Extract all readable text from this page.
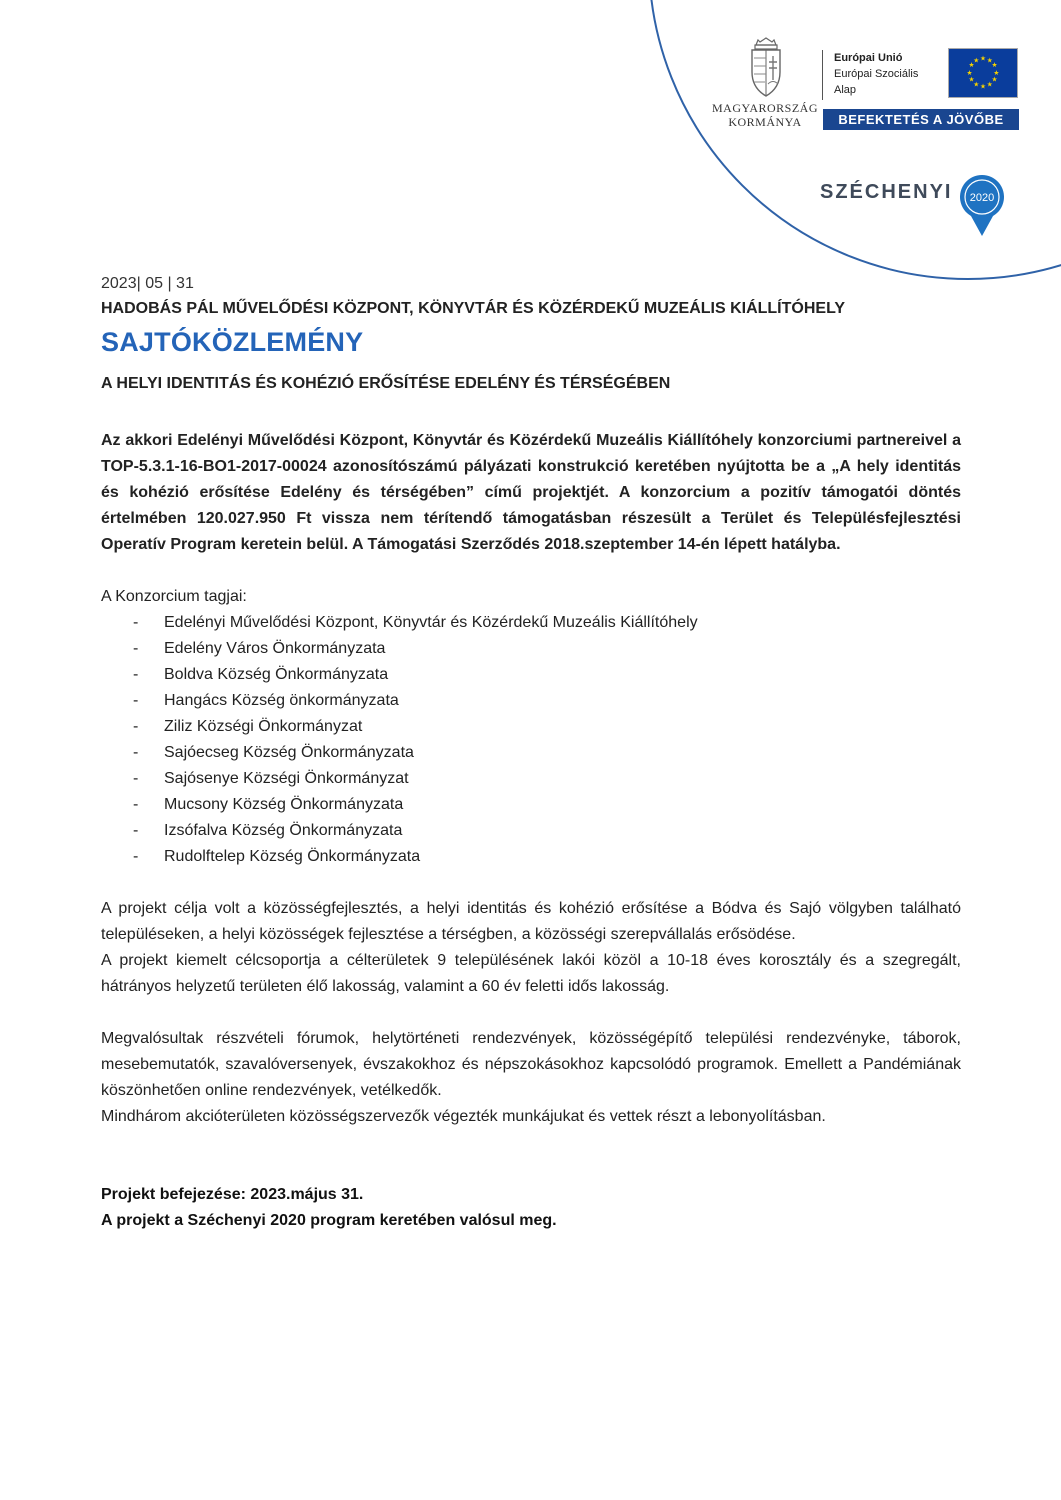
MAGYARORSZÁG
KORMÁNYA
Európai Unió
Európai Szociális
Alap
★ ★
★
★
★
★
★
★
★
★
★
★
BEFEKTETÉS A JÖVŐBE
SZÉCHENYI 2020
2023| 05 | 31
HADOBÁS PÁL MŰVELŐDÉSI KÖZPONT, KÖNYVTÁR ÉS KÖZÉRDEKŰ MUZEÁLIS KIÁLLÍTÓHELY
SAJTÓKÖZLEMÉNY
A HELYI IDENTITÁS ÉS KOHÉZIÓ ERŐSÍTÉSE EDELÉNY ÉS TÉRSÉGÉBEN
Az akkori Edelényi Művelődési Központ, Könyvtár és Közérdekű Muzeális Kiállítóhely konzorciumi partnereivel a TOP-5.3.1-16-BO1-2017-00024 azonosítószámú pályázati konstrukció keretében nyújtotta be a „A hely identitás és kohézió erősítése Edelény és térségében” című projektjét. A konzorcium a pozitív támogatói döntés értelmében 120.027.950 Ft vissza nem térítendő támogatásban részesült a Terület és Településfejlesztési Operatív Program keretein belül. A Támogatási Szerződés 2018.szeptember 14-én lépett hatályba.
A Konzorcium tagjai:
- Edelényi Művelődési Központ, Könyvtár és Közérdekű Muzeális Kiállítóhely
- Edelény Város Önkormányzata
- Boldva Község Önkormányzata
- Hangács Község önkormányzata
- Ziliz Községi Önkormányzat
- Sajóecseg Község Önkormányzata
- Sajósenye Községi Önkormányzat
- Mucsony Község Önkormányzata
- Izsófalva Község Önkormányzata
- Rudolftelep Község Önkormányzata
A projekt célja volt a közösségfejlesztés, a helyi identitás és kohézió erősítése a Bódva és Sajó völgyben található településeken, a helyi közösségek fejlesztése a térségben, a közösségi szerepvállalás erősödése.
A projekt kiemelt célcsoportja a célterületek 9 településének lakói közöl a 10-18 éves korosztály és a szegregált, hátrányos helyzetű területen élő lakosság, valamint a 60 év feletti idős lakosság.
Megvalósultak részvételi fórumok, helytörténeti rendezvények, közösségépítő települési rendezvényke, táborok, mesebemutatók, szavalóversenyek, évszakokhoz és népszokásokhoz kapcsolódó programok. Emellett a Pandémiának köszönhetően online rendezvények, vetélkedők.
Mindhárom akcióterületen közösségszervezők végezték munkájukat és vettek részt a lebonyolításban.
Projekt befejezése: 2023.május 31.
A projekt a Széchenyi 2020 program keretében valósul meg.
